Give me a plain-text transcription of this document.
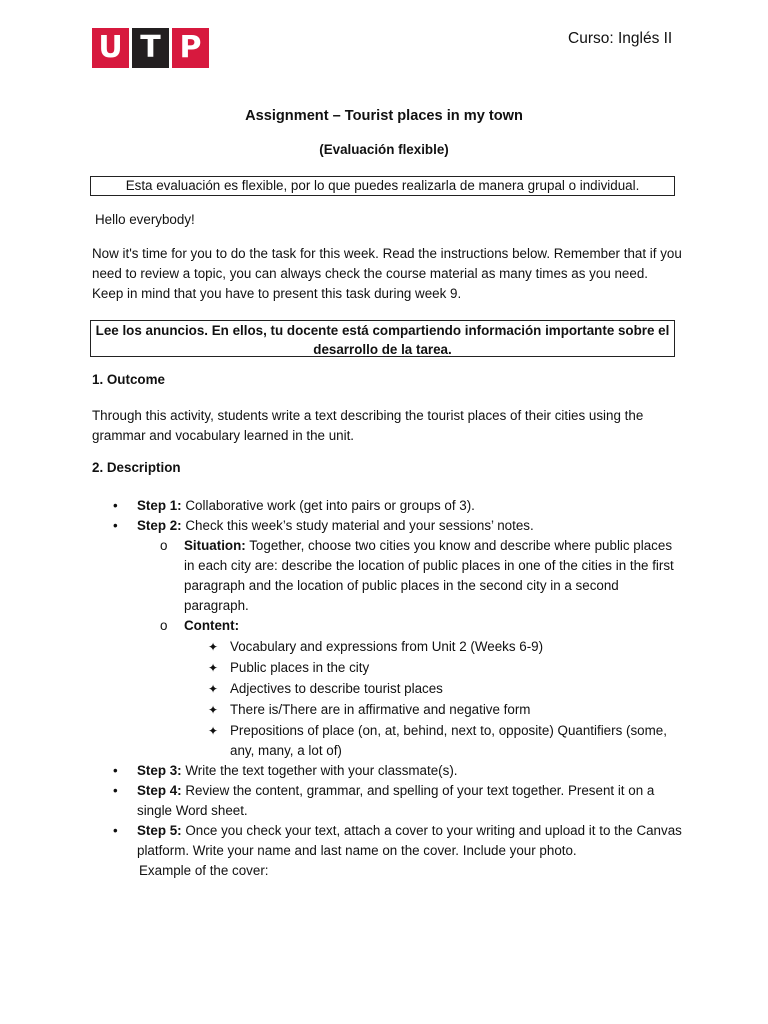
U T P	Curso: Inglés II
Assignment – Tourist places in my town
(Evaluación flexible)
Esta evaluación es flexible, por lo que puedes realizarla de manera grupal o individual.
Hello everybody!
Now it's time for you to do the task for this week. Read the instructions below. Remember that if you need to review a topic, you can always check the course material as many times as you need. Keep in mind that you have to present this task during week 9.
Lee los anuncios. En ellos, tu docente está compartiendo información importante sobre el desarrollo de la tarea.
1. Outcome
Through this activity, students write a text describing the tourist places of their cities using the grammar and vocabulary learned in the unit.
2. Description
• Step 1: Collaborative work (get into pairs or groups of 3).
• Step 2: Check this week’s study material and your sessions’ notes.
o Situation: Together, choose two cities you know and describe where public places in each city are: describe the location of public places in one of the cities in the first paragraph and the location of public places in the second city in a second paragraph.
o Content:
✦ Vocabulary and expressions from Unit 2 (Weeks 6-9)
✦ Public places in the city
✦ Adjectives to describe tourist places
✦ There is/There are in affirmative and negative form
✦ Prepositions of place (on, at, behind, next to, opposite) Quantifiers (some, any, many, a lot of)
• Step 3: Write the text together with your classmate(s).
• Step 4: Review the content, grammar, and spelling of your text together. Present it on a single Word sheet.
• Step 5: Once you check your text, attach a cover to your writing and upload it to the Canvas platform. Write your name and last name on the cover. Include your photo.
Example of the cover:
